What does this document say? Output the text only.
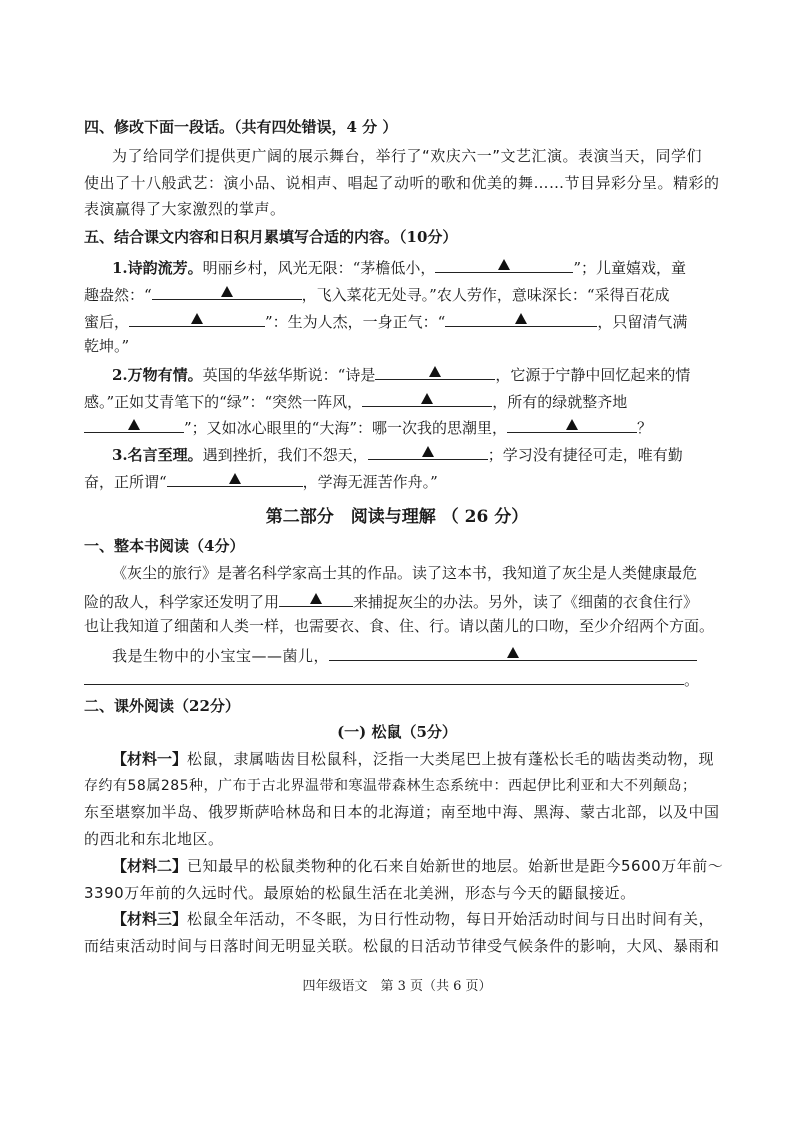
四、修改下面一段话。（共有四处错误，4 分 ）
为了给同学们提供更广阔的展示舞台，举行了“欢庆六一”文艺汇演。表演当天，同学们
使出了十八般武艺：演小品、说相声、唱起了动听的歌和优美的舞……节目异彩分呈。精彩的
表演赢得了大家激烈的掌声。
五、结合课文内容和日积月累填写合适的内容。（10分）
1.诗韵流芳。明丽乡村，风光无限：“茅檐低小，	”；儿童嬉戏，童
趣盎然：“	，飞入菜花无处寻。”农人劳作，意味深长：“采得百花成
蜜后，	”：生为人杰，一身正气：“	，只留清气满
乾坤。”
2.万物有情。英国的华兹华斯说：“诗是	，它源于宁静中回忆起来的情
感。”正如艾青笔下的“绿”：“突然一阵风，	，所有的绿就整齐地
”；又如冰心眼里的“大海”：哪一次我的思潮里，	？
3.名言至理。遇到挫折，我们不怨天，	；学习没有捷径可走，唯有勤
奋，正所谓“	，学海无涯苦作舟。”
第二部分　阅读与理解 （ 26 分）
一、整本书阅读（4分）
《灰尘的旅行》是著名科学家高士其的作品。读了这本书，我知道了灰尘是人类健康最危
险的敌人，科学家还发明了用	来捕捉灰尘的办法。另外，读了《细菌的衣食住行》
也让我知道了细菌和人类一样，也需要衣、食、住、行。请以菌儿的口吻，至少介绍两个方面。
我是生物中的小宝宝——菌儿，
。
二、课外阅读（22分）
(一) 松鼠（5分）
【材料一】松鼠，隶属啮齿目松鼠科，泛指一大类尾巴上披有蓬松长毛的啮齿类动物，现
存约有58属285种，广布于古北界温带和寒温带森林生态系统中：西起伊比利亚和大不列颠岛；
东至堪察加半岛、俄罗斯萨哈林岛和日本的北海道；南至地中海、黑海、蒙古北部，以及中国
的西北和东北地区。
【材料二】已知最早的松鼠类物种的化石来自始新世的地层。始新世是距今5600万年前～
3390万年前的久远时代。最原始的松鼠生活在北美洲，形态与今天的鼯鼠接近。
【材料三】松鼠全年活动，不冬眠，为日行性动物，每日开始活动时间与日出时间有关，
而结束活动时间与日落时间无明显关联。松鼠的日活动节律受气候条件的影响，大风、暴雨和
四年级语文　第 3 页（共 6 页）
